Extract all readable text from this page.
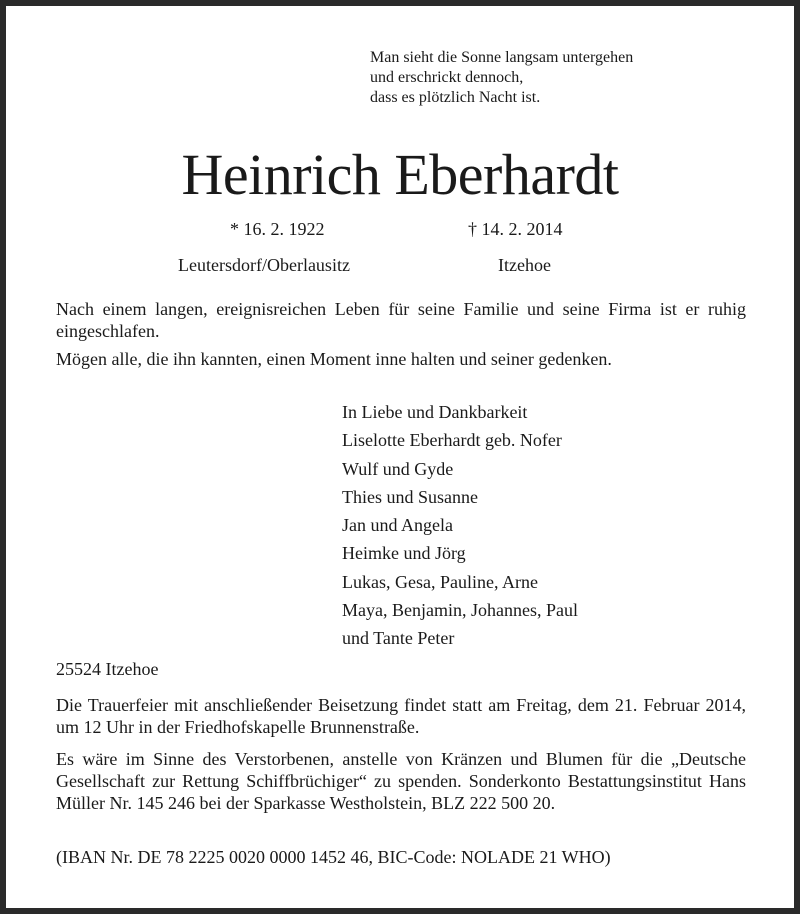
Man sieht die Sonne langsam untergehen
und erschrickt dennoch,
dass es plötzlich Nacht ist.
Heinrich Eberhardt
* 16. 2. 1922	† 14. 2. 2014
Leutersdorf/Oberlausitz	Itzehoe
Nach einem langen, ereignisreichen Leben für seine Familie und seine Firma ist er ruhig eingeschlafen.
Mögen alle, die ihn kannten, einen Moment inne halten und seiner gedenken.
In Liebe und Dankbarkeit
Liselotte Eberhardt geb. Nofer
Wulf und Gyde
Thies und Susanne
Jan und Angela
Heimke und Jörg
Lukas, Gesa, Pauline, Arne
Maya, Benjamin, Johannes, Paul
und Tante Peter
25524 Itzehoe
Die Trauerfeier mit anschließender Beisetzung findet statt am Freitag, dem 21. Februar 2014, um 12 Uhr in der Friedhofskapelle Brunnenstraße.
Es wäre im Sinne des Verstorbenen, anstelle von Kränzen und Blumen für die „Deutsche Gesellschaft zur Rettung Schiffbrüchiger“ zu spenden. Sonderkonto Bestattungsinstitut Hans Müller Nr. 145 246 bei der Sparkasse Westholstein, BLZ 222 500 20.
(IBAN Nr. DE 78 2225 0020 0000 1452 46, BIC-Code: NOLADE 21 WHO)
